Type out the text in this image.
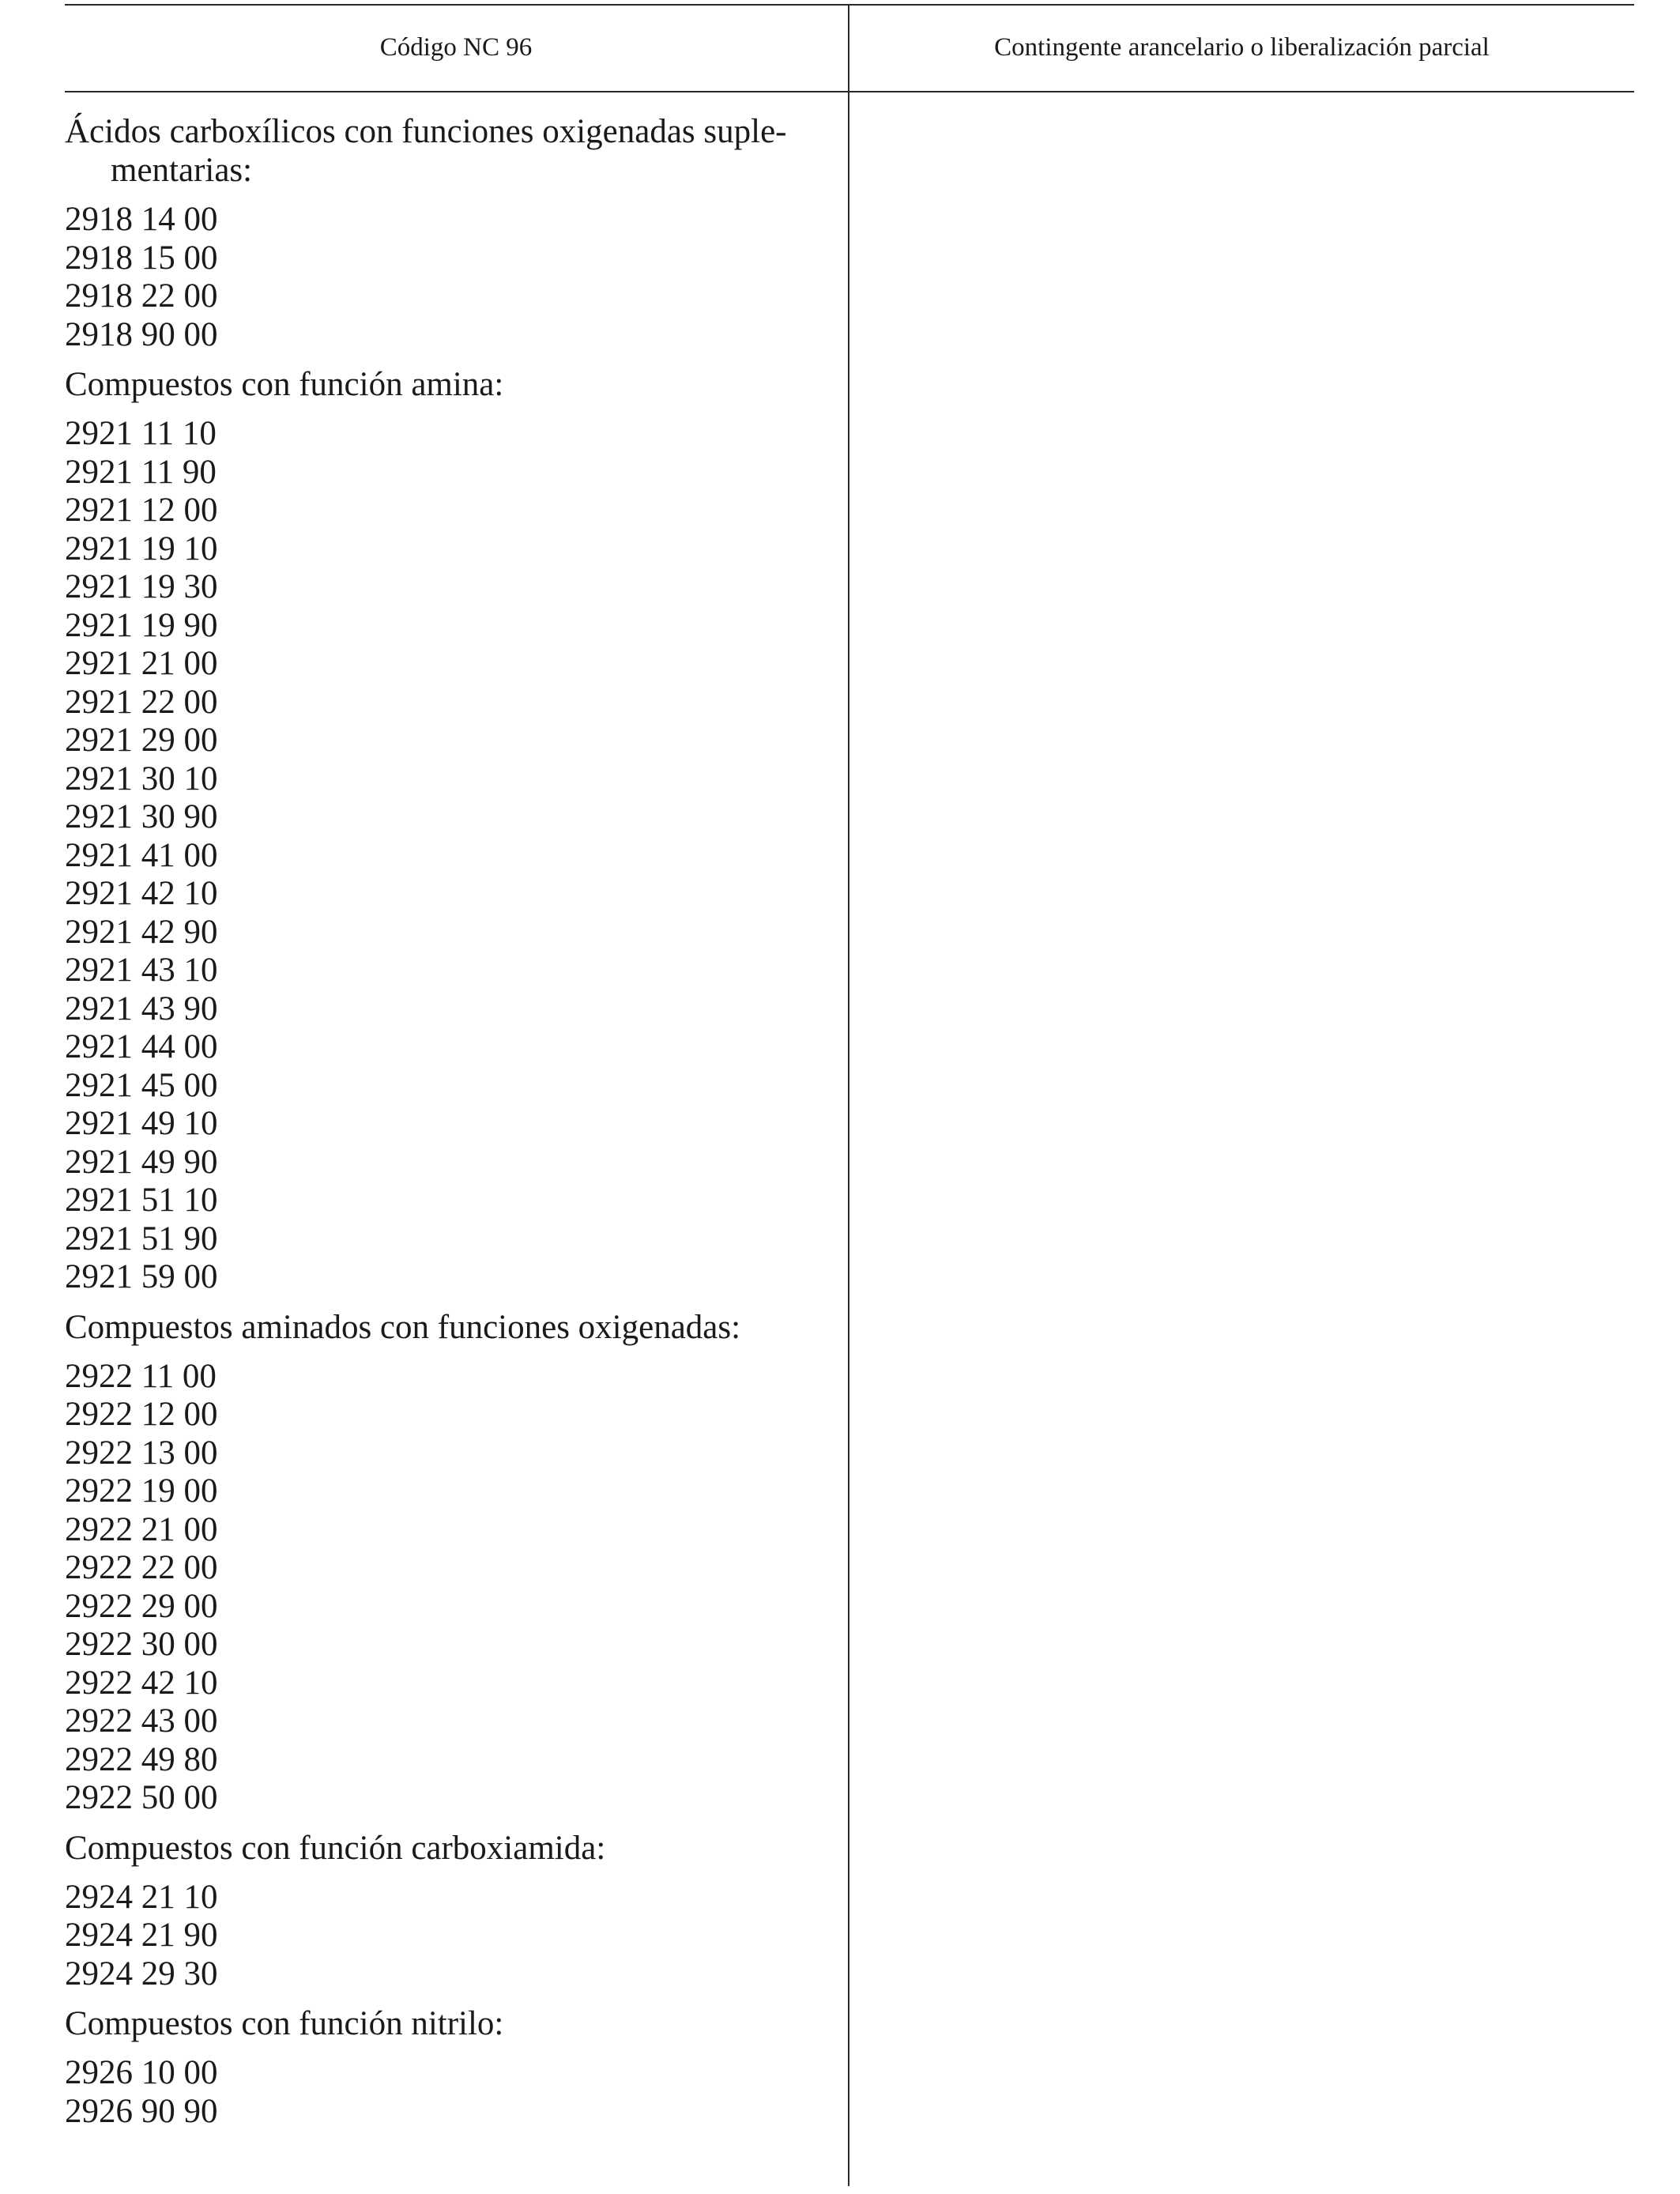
Código NC 96	Contingente arancelario o liberalización parcial

Ácidos carboxílicos con funciones oxigenadas suple-mentarias:

2918 14 00
2918 15 00
2918 22 00
2918 90 00

Compuestos con función amina:

2921 11 10
2921 11 90
2921 12 00
2921 19 10
2921 19 30
2921 19 90
2921 21 00
2921 22 00
2921 29 00
2921 30 10
2921 30 90
2921 41 00
2921 42 10
2921 42 90
2921 43 10
2921 43 90
2921 44 00
2921 45 00
2921 49 10
2921 49 90
2921 51 10
2921 51 90
2921 59 00

Compuestos aminados con funciones oxigenadas:

2922 11 00
2922 12 00
2922 13 00
2922 19 00
2922 21 00
2922 22 00
2922 29 00
2922 30 00
2922 42 10
2922 43 00
2922 49 80
2922 50 00

Compuestos con función carboxiamida:

2924 21 10
2924 21 90
2924 29 30

Compuestos con función nitrilo:

2926 10 00
2926 90 90
